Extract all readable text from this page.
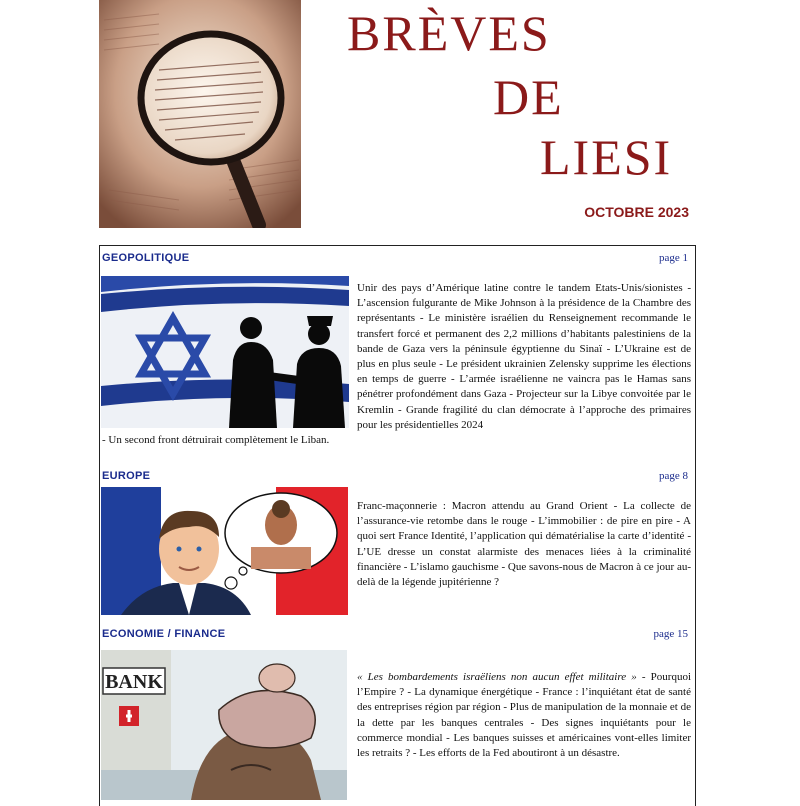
BRÈVES
DE
LIESI
OCTOBRE 2023
GEOPOLITIQUE	page 1
Unir des pays d’Amérique latine contre le tandem Etats-Unis/sionistes - L’ascension fulgurante de Mike Johnson à la présidence de la Chambre des représentants - Le ministère israélien du Renseignement recommande le transfert forcé et permanent des 2,2 millions d’habitants palestiniens de la bande de Gaza vers la péninsule égyptienne du Sinaï - L’Ukraine est de plus en plus seule - Le président ukrainien Zelensky supprime les élections en temps de guerre - L’armée israélienne ne vaincra pas le Hamas sans pénétrer profondément dans Gaza - Projecteur sur la Libye convoitée par le Kremlin - Grande fragilité du clan démocrate à l’approche des primaires pour les présidentielles 2024
- Un second front détruirait complètement le Liban.
EUROPE	page 8
Franc-maçonnerie : Macron attendu au Grand Orient - La collecte de l’assurance-vie retombe dans le rouge - L’immobilier : de pire en pire - A quoi sert France Identité, l’application qui dématérialise la carte d’identité - L’UE dresse un constat alarmiste des menaces liées à la criminalité financière - L’islamo gauchisme - Que savons-nous de Macron à ce jour au-delà de la légende jupitérienne ?
ECONOMIE / FINANCE	page 15
BANK	« Les bombardements israëliens non aucun effet militaire » - Pourquoi l’Empire ? - La dynamique énergétique - France : l’inquiétant état de santé des entreprises région par région - Plus de manipulation de la monnaie et de la dette par les banques centrales - Des signes inquiétants pour le commerce mondial - Les banques suisses et américaines vont-elles limiter les retraits ? - Les efforts de la Fed aboutiront à un désastre.
